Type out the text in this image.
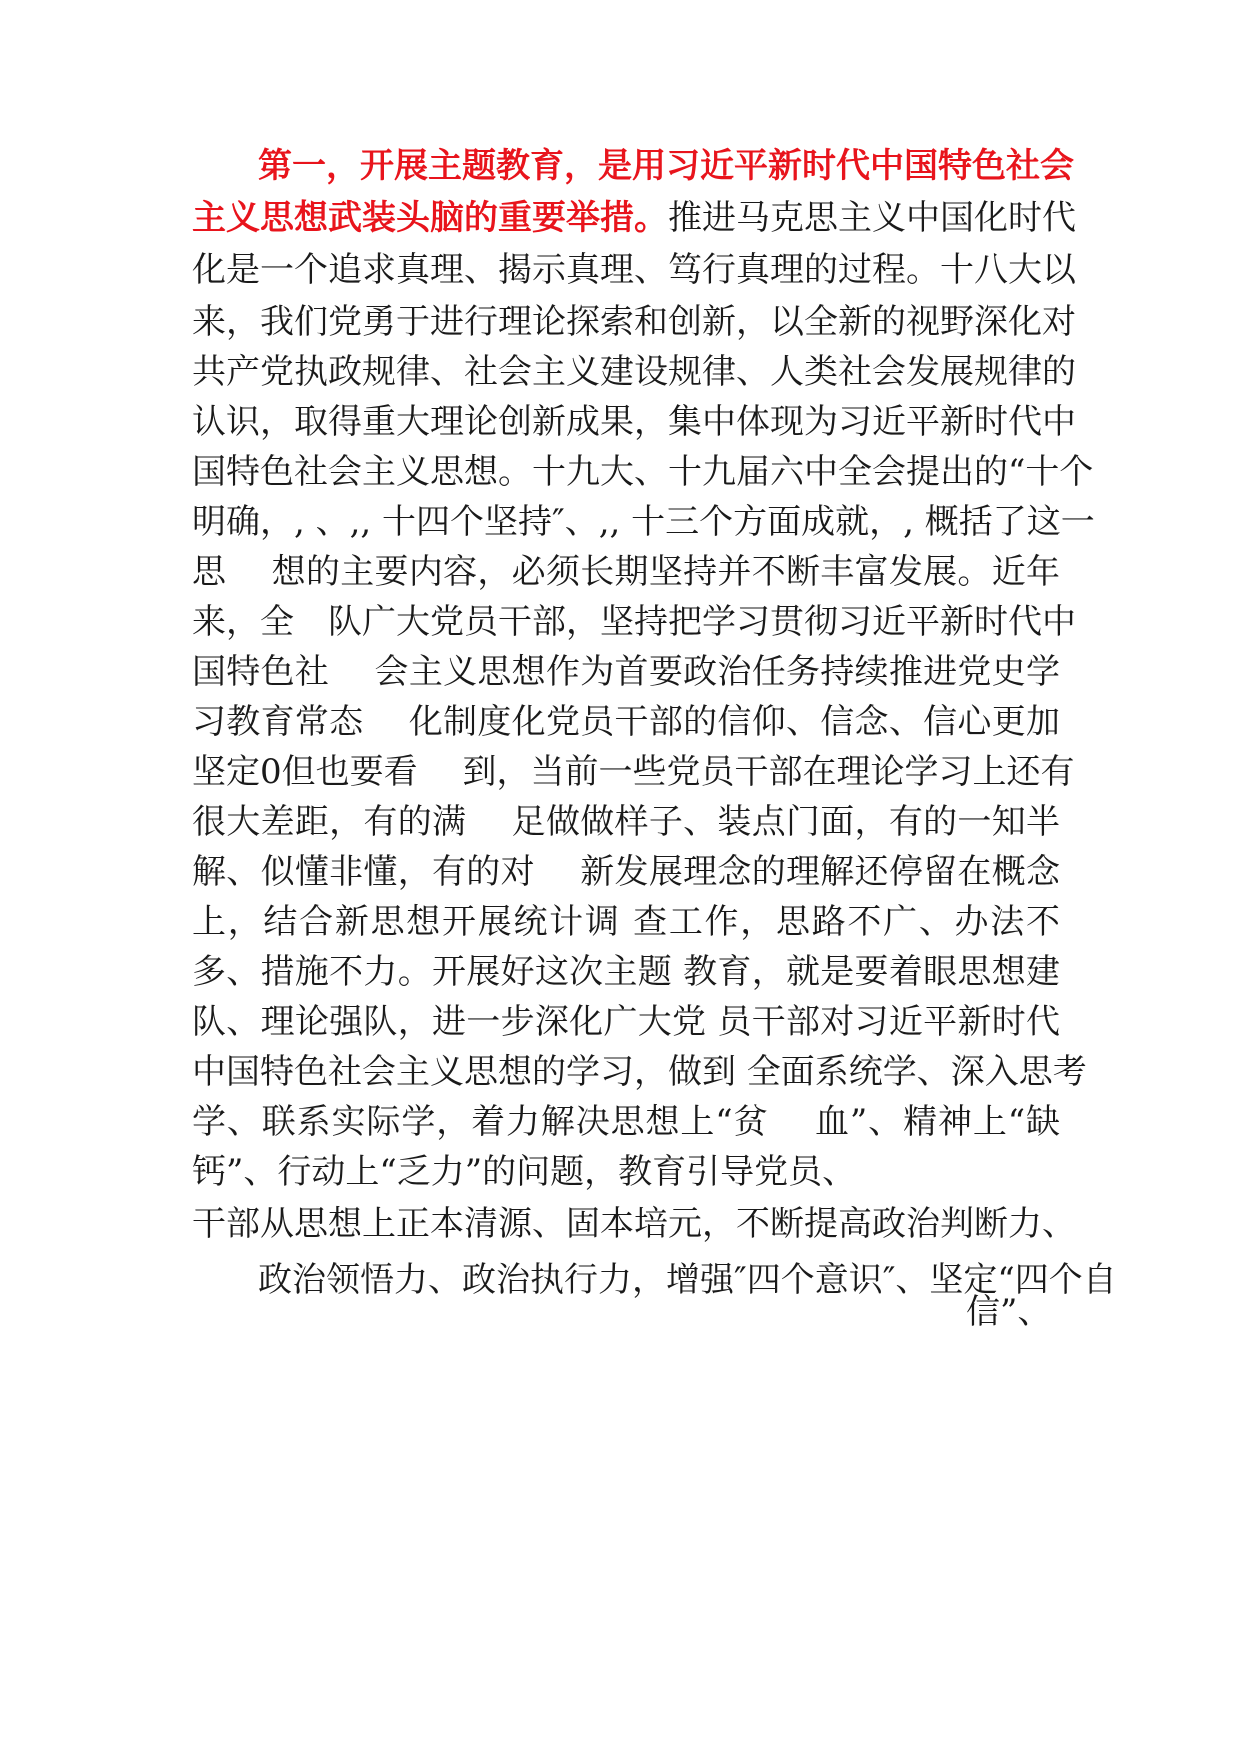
第一，开展主题教育，是用习近平新时代中国特色社会

主义思想武装头脑的重要举措。推进马克思主义中国化时代

化是一个追求真理、揭示真理、笃行真理的过程。十八大以

来，我们党勇于进行理论探索和创新，以全新的视野深化对

共产党执政规律、社会主义建设规律、人类社会发展规律的

认识，取得重大理论创新成果，集中体现为习近平新时代中

国特色社会主义思想。十九大、十九届六中全会提出的“十个

明确，, 、,, 十四个坚持″、,, 十三个方面成就，, 概括了这一

思　 想的主要内容，必须长期坚持并不断丰富发展。近年

来，全　队广大党员干部，坚持把学习贯彻习近平新时代中

国特色社　 会主义思想作为首要政治任务持续推进党史学

习教育常态　 化制度化党员干部的信仰、信念、信心更加

坚定0但也要看　 到，当前一些党员干部在理论学习上还有

很大差距，有的满　 足做做样子、装点门面，有的一知半

解、似懂非懂，有的对　 新发展理念的理解还停留在概念

上，结合新思想开展统计调 查工作，思路不广、办法不

多、措施不力。开展好这次主题 教育，就是要着眼思想建

队、理论强队，进一步深化广大党 员干部对习近平新时代

中国特色社会主义思想的学习，做到 全面系统学、深入思考

学、联系实际学，着力解决思想上“贫　 血”、精神上“缺

钙”、行动上“乏力”的问题，教育引导党员、

干部从思想上正本清源、固本培元，不断提高政治判断力、

政治领悟力、政治执行力，增强″四个意识″、坚定“四个自

信”、
